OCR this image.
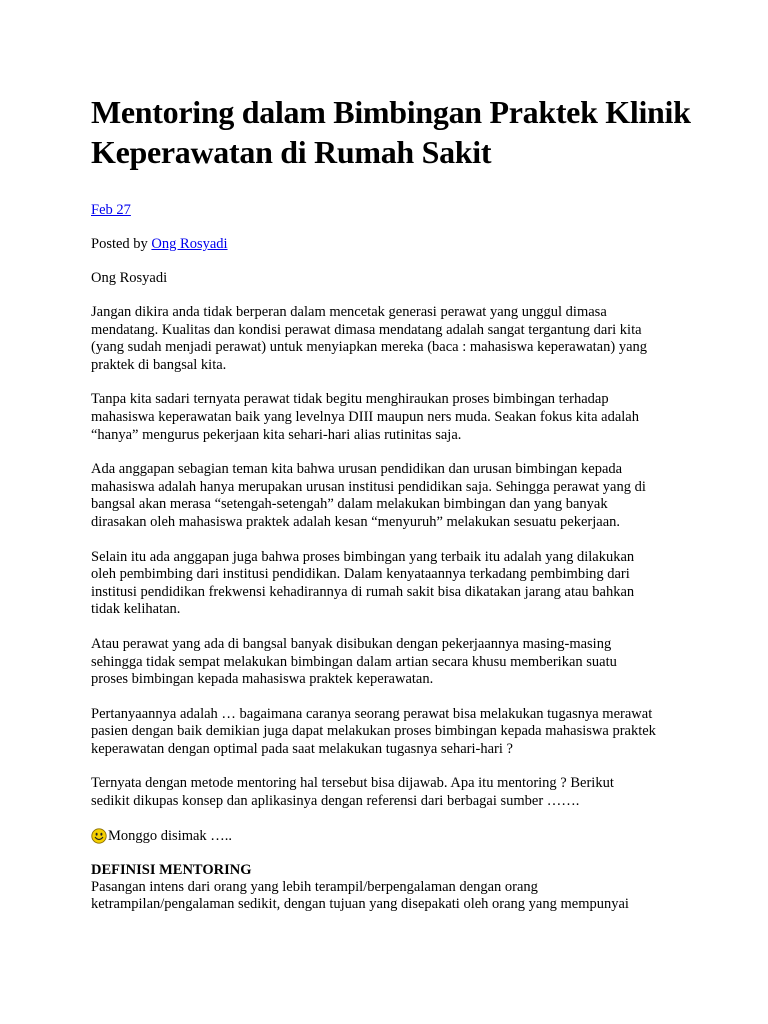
Mentoring dalam Bimbingan Praktek Klinik
Keperawatan di Rumah Sakit
Feb 27
Posted by Ong Rosyadi
Ong Rosyadi

Jangan dikira anda tidak berperan dalam mencetak generasi perawat yang unggul dimasa
mendatang. Kualitas dan kondisi perawat dimasa mendatang adalah sangat tergantung dari kita
(yang sudah menjadi perawat) untuk menyiapkan mereka (baca : mahasiswa keperawatan) yang
praktek di bangsal kita.

Tanpa kita sadari ternyata perawat tidak begitu menghiraukan proses bimbingan terhadap
mahasiswa keperawatan baik yang levelnya DIII maupun ners muda. Seakan fokus kita adalah
“hanya” mengurus pekerjaan kita sehari-hari alias rutinitas saja.

Ada anggapan sebagian teman kita bahwa urusan pendidikan dan urusan bimbingan kepada
mahasiswa adalah hanya merupakan urusan institusi pendidikan saja. Sehingga perawat yang di
bangsal akan merasa “setengah-setengah” dalam melakukan bimbingan dan yang banyak
dirasakan oleh mahasiswa praktek adalah kesan “menyuruh” melakukan sesuatu pekerjaan.

Selain itu ada anggapan juga bahwa proses bimbingan yang terbaik itu adalah yang dilakukan
oleh pembimbing dari institusi pendidikan. Dalam kenyataannya terkadang pembimbing dari
institusi pendidikan frekwensi kehadirannya di rumah sakit bisa dikatakan jarang atau bahkan
tidak kelihatan.

Atau perawat yang ada di bangsal banyak disibukan dengan pekerjaannya masing-masing
sehingga tidak sempat melakukan bimbingan dalam artian secara khusu memberikan suatu
proses bimbingan kepada mahasiswa praktek keperawatan.

Pertanyaannya adalah … bagaimana caranya seorang perawat bisa melakukan tugasnya merawat
pasien dengan baik demikian juga dapat melakukan proses bimbingan kepada mahasiswa praktek
keperawatan dengan optimal pada saat melakukan tugasnya sehari-hari ?

Ternyata dengan metode mentoring hal tersebut bisa dijawab. Apa itu mentoring ? Berikut
sedikit dikupas konsep dan aplikasinya dengan referensi dari berbagai sumber …….

Monggo disimak …..
DEFINISI MENTORING
Pasangan intens dari orang yang lebih terampil/berpengalaman dengan orang
ketrampilan/pengalaman sedikit, dengan tujuan yang disepakati oleh orang yang mempunyai
